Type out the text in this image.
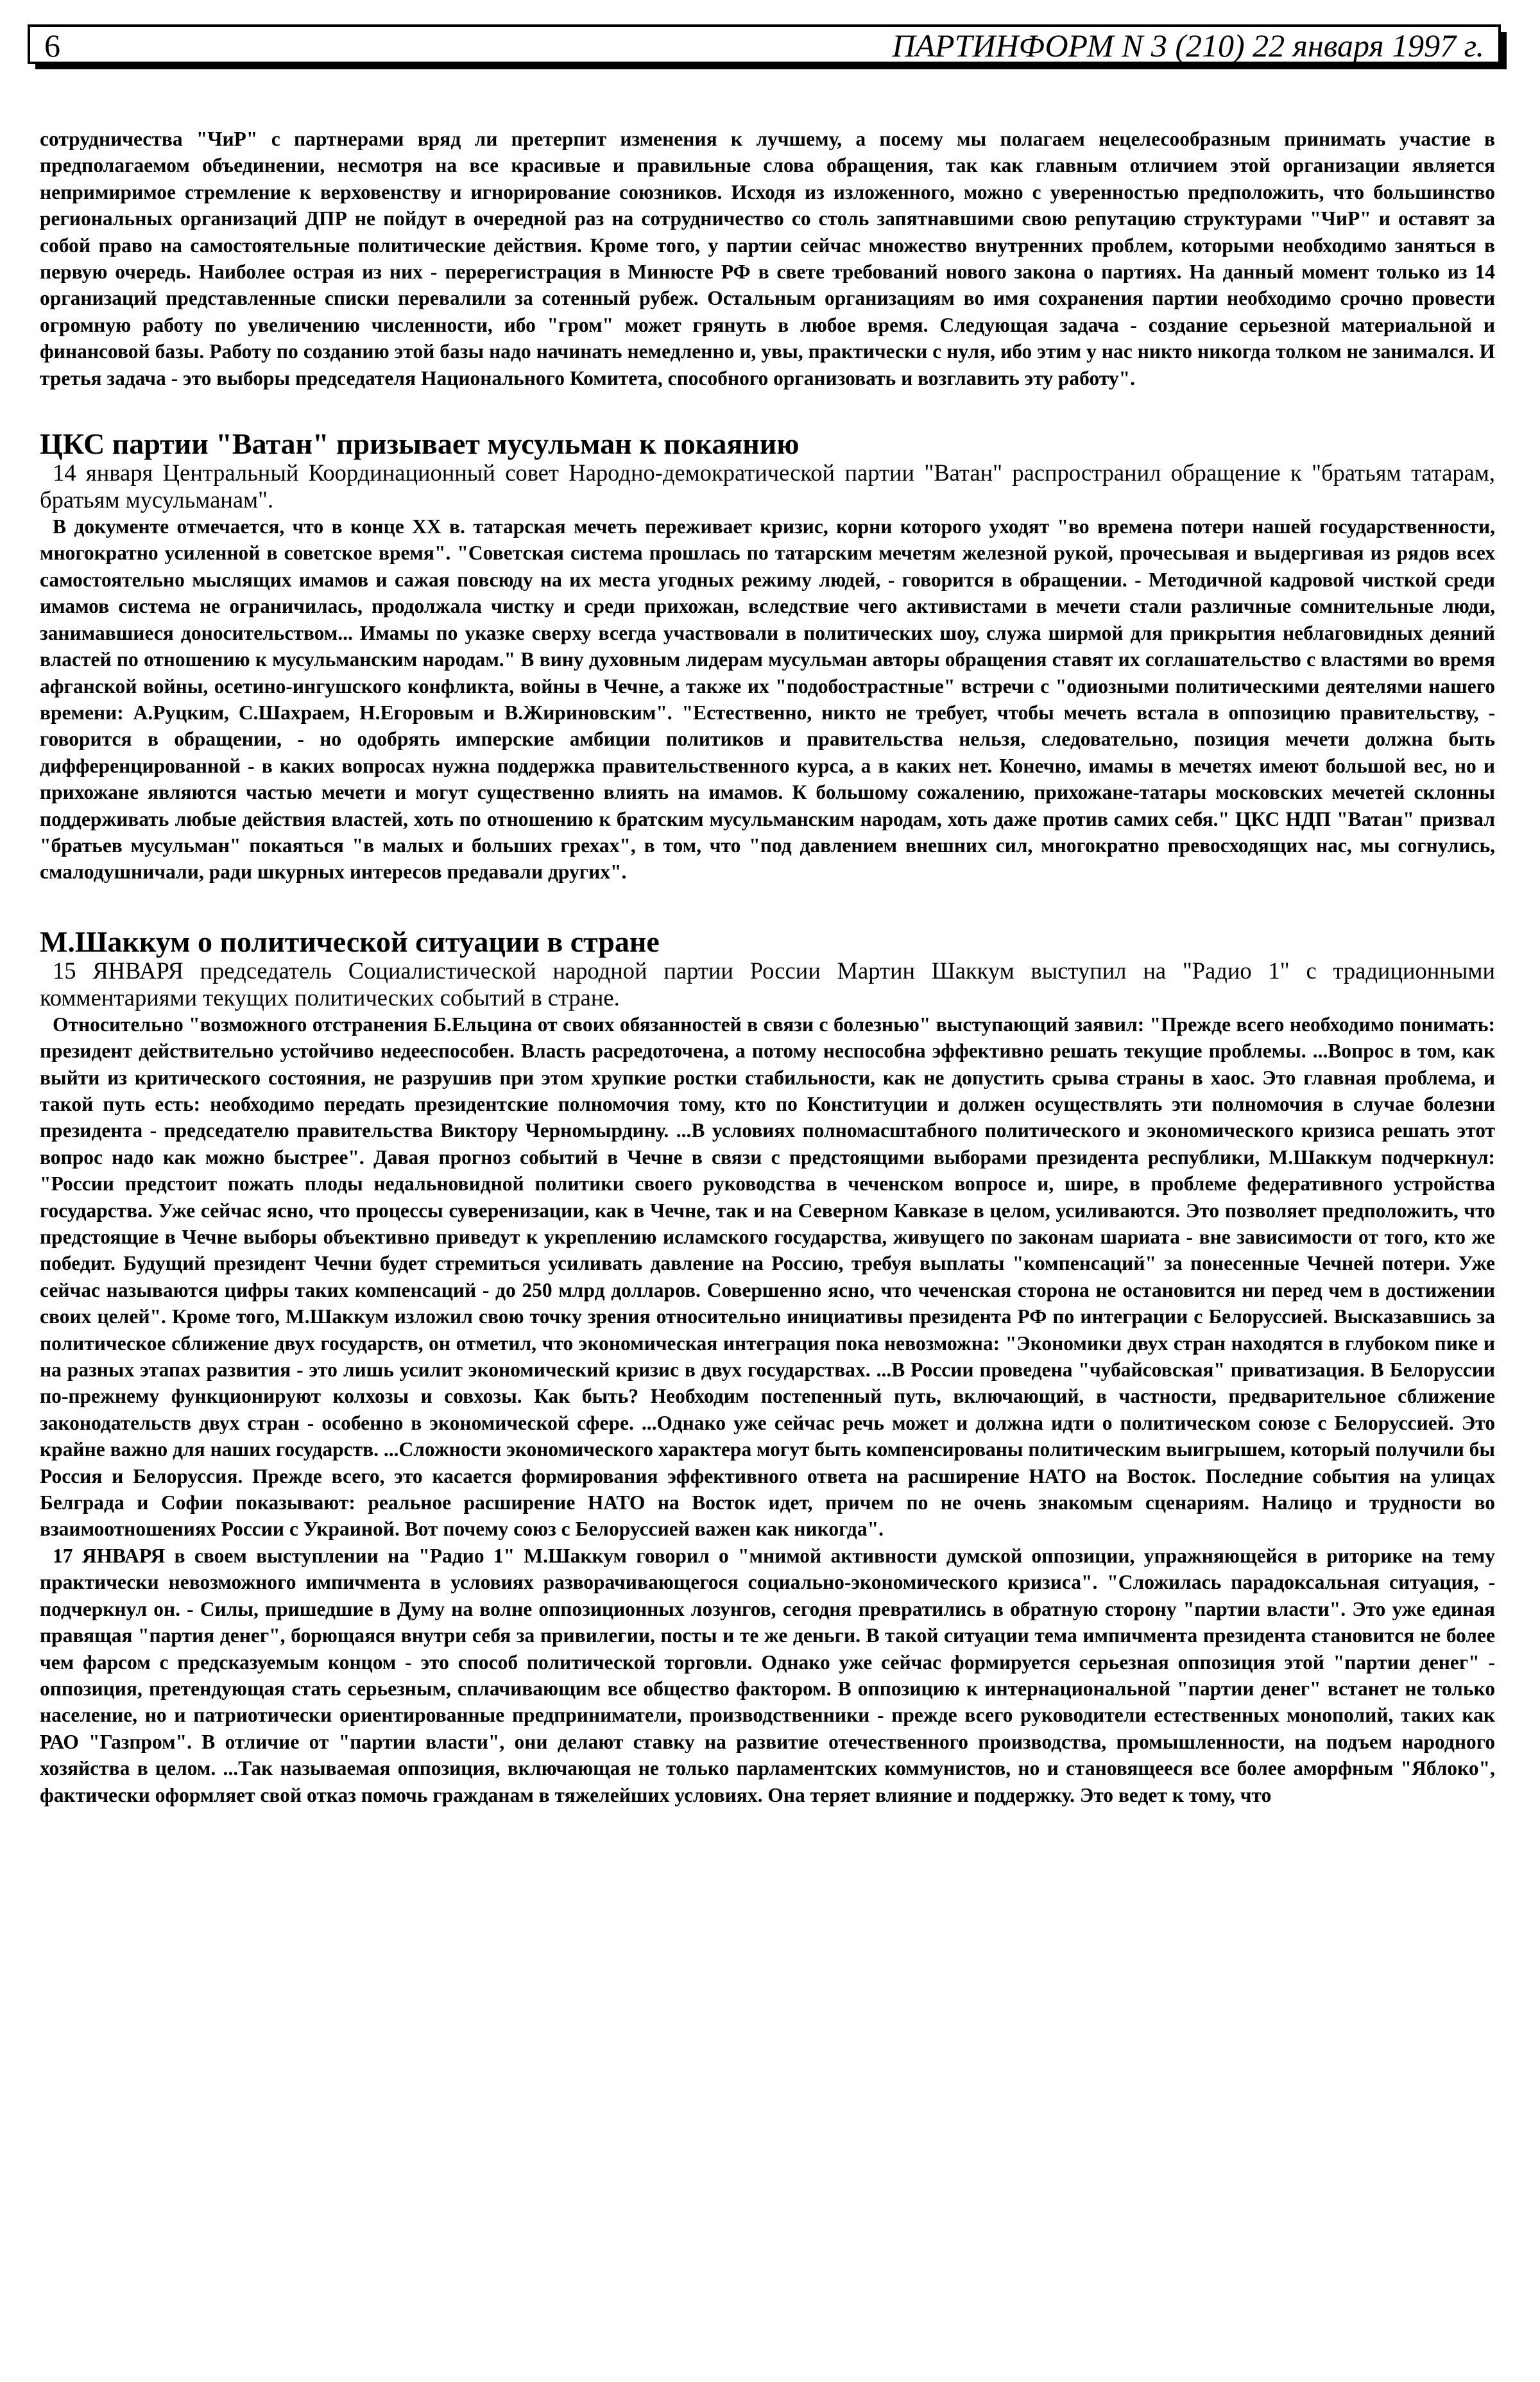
6	ПАРТИНФОРМ N 3 (210) 22 января 1997 г.

сотрудничества "ЧиР" с партнерами вряд ли претерпит изменения к лучшему, а посему мы полагаем нецелесообразным принимать участие в предполагаемом объединении, несмотря на все красивые и правильные слова обращения, так как главным отличием этой организации является непримиримое стремление к верховенству и игнорирование союзников. Исходя из изложенного, можно с уверенностью предположить, что большинство региональных организаций ДПР не пойдут в очередной раз на сотрудничество со столь запятнавшими свою репутацию структурами "ЧиР" и оставят за собой право на самостоятельные политические действия. Кроме того, у партии сейчас множество внутренних проблем, которыми необходимо заняться в первую очередь. Наиболее острая из них - перерегистрация в Минюсте РФ в свете требований нового закона о партиях. На данный момент только из 14 организаций представленные списки перевалили за сотенный рубеж. Остальным организациям во имя сохранения партии необходимо срочно провести огромную работу по увеличению численности, ибо "гром" может грянуть в любое время. Следующая задача - создание серьезной материальной и финансовой базы. Работу по созданию этой базы надо начинать немедленно и, увы, практически с нуля, ибо этим у нас никто никогда толком не занимался. И третья задача - это выборы председателя Национального Комитета, способного организовать и возглавить эту работу".

ЦКС партии "Ватан" призывает мусульман к покаянию

14 января Центральный Координационный совет Народно-демократической партии "Ватан" распространил обращение к "братьям татарам, братьям мусульманам".

В документе отмечается, что в конце XX в. татарская мечеть переживает кризис, корни которого уходят "во времена потери нашей государственности, многократно усиленной в советское время". "Советская система прошлась по татарским мечетям железной рукой, прочесывая и выдергивая из рядов всех самостоятельно мыслящих имамов и сажая повсюду на их места угодных режиму людей, - говорится в обращении. - Методичной кадровой чисткой среди имамов система не ограничилась, продолжала чистку и среди прихожан, вследствие чего активистами в мечети стали различные сомнительные люди, занимавшиеся доносительством... Имамы по указке сверху всегда участвовали в политических шоу, служа ширмой для прикрытия неблаговидных деяний властей по отношению к мусульманским народам." В вину духовным лидерам мусульман авторы обращения ставят их соглашательство с властями во время афганской войны, осетино-ингушского конфликта, войны в Чечне, а также их "подобострастные" встречи с "одиозными политическими деятелями нашего времени: А.Руцким, С.Шахраем, Н.Егоровым и В.Жириновским". "Естественно, никто не требует, чтобы мечеть встала в оппозицию правительству, - говорится в обращении, - но одобрять имперские амбиции политиков и правительства нельзя, следовательно, позиция мечети должна быть дифференцированной - в каких вопросах нужна поддержка правительственного курса, а в каких нет. Конечно, имамы в мечетях имеют большой вес, но и прихожане являются частью мечети и могут существенно влиять на имамов. К большому сожалению, прихожане-татары московских мечетей склонны поддерживать любые действия властей, хоть по отношению к братским мусульманским народам, хоть даже против самих себя." ЦКС НДП "Ватан" призвал "братьев мусульман" покаяться "в малых и больших грехах", в том, что "под давлением внешних сил, многократно превосходящих нас, мы согнулись, смалодушничали, ради шкурных интересов предавали других".

М.Шаккум о политической ситуации в стране

15 ЯНВАРЯ председатель Социалистической народной партии России Мартин Шаккум выступил на "Радио 1" с традиционными комментариями текущих политических событий в стране.

Относительно "возможного отстранения Б.Ельцина от своих обязанностей в связи с болезнью" выступающий заявил: "Прежде всего необходимо понимать: президент действительно устойчиво недееспособен. Власть расредоточена, а потому неспособна эффективно решать текущие проблемы. ...Вопрос в том, как выйти из критического состояния, не разрушив при этом хрупкие ростки стабильности, как не допустить срыва страны в хаос. Это главная проблема, и такой путь есть: необходимо передать президентские полномочия тому, кто по Конституции и должен осуществлять эти полномочия в случае болезни президента - председателю правительства Виктору Черномырдину. ...В условиях полномасштабного политического и экономического кризиса решать этот вопрос надо как можно быстрее". Давая прогноз событий в Чечне в связи с предстоящими выборами президента республики, М.Шаккум подчеркнул: "России предстоит пожать плоды недальновидной политики своего руководства в чеченском вопросе и, шире, в проблеме федеративного устройства государства. Уже сейчас ясно, что процессы суверенизации, как в Чечне, так и на Северном Кавказе в целом, усиливаются. Это позволяет предположить, что предстоящие в Чечне выборы объективно приведут к укреплению исламского государства, живущего по законам шариата - вне зависимости от того, кто же победит. Будущий президент Чечни будет стремиться усиливать давление на Россию, требуя выплаты "компенсаций" за понесенные Чечней потери. Уже сейчас называются цифры таких компенсаций - до 250 млрд долларов. Совершенно ясно, что чеченская сторона не остановится ни перед чем в достижении своих целей". Кроме того, М.Шаккум изложил свою точку зрения относительно инициативы президента РФ по интеграции с Белоруссией. Высказавшись за политическое сближение двух государств, он отметил, что экономическая интеграция пока невозможна: "Экономики двух стран находятся в глубоком пике и на разных этапах развития - это лишь усилит экономический кризис в двух государствах. ...В России проведена "чубайсовская" приватизация. В Белоруссии по-прежнему функционируют колхозы и совхозы. Как быть? Необходим постепенный путь, включающий, в частности, предварительное сближение законодательств двух стран - особенно в экономической сфере. ...Однако уже сейчас речь может и должна идти о политическом союзе с Белоруссией. Это крайне важно для наших государств. ...Сложности экономического характера могут быть компенсированы политическим выигрышем, который получили бы Россия и Белоруссия. Прежде всего, это касается формирования эффективного ответа на расширение НАТО на Восток. Последние события на улицах Белграда и Софии показывают: реальное расширение НАТО на Восток идет, причем по не очень знакомым сценариям. Налицо и трудности во взаимоотношениях России с Украиной. Вот почему союз с Белоруссией важен как никогда".

17 ЯНВАРЯ в своем выступлении на "Радио 1" М.Шаккум говорил о "мнимой активности думской оппозиции, упражняющейся в риторике на тему практически невозможного импичмента в условиях разворачивающегося социально-экономического кризиса". "Сложилась парадоксальная ситуация, - подчеркнул он. - Силы, пришедшие в Думу на волне оппозиционных лозунгов, сегодня превратились в обратную сторону "партии власти". Это уже единая правящая "партия денег", борющаяся внутри себя за привилегии, посты и те же деньги. В такой ситуации тема импичмента президента становится не более чем фарсом с предсказуемым концом - это способ политической торговли. Однако уже сейчас формируется серьезная оппозиция этой "партии денег" - оппозиция, претендующая стать серьезным, сплачивающим все общество фактором. В оппозицию к интернациональной "партии денег" встанет не только население, но и патриотически ориентированные предприниматели, производственники - прежде всего руководители естественных монополий, таких как РАО "Газпром". В отличие от "партии власти", они делают ставку на развитие отечественного производства, промышленности, на подъем народного хозяйства в целом. ...Так называемая оппозиция, включающая не только парламентских коммунистов, но и становящееся все более аморфным "Яблоко", фактически оформляет свой отказ помочь гражданам в тяжелейших условиях. Она теряет влияние и поддержку. Это ведет к тому, что
